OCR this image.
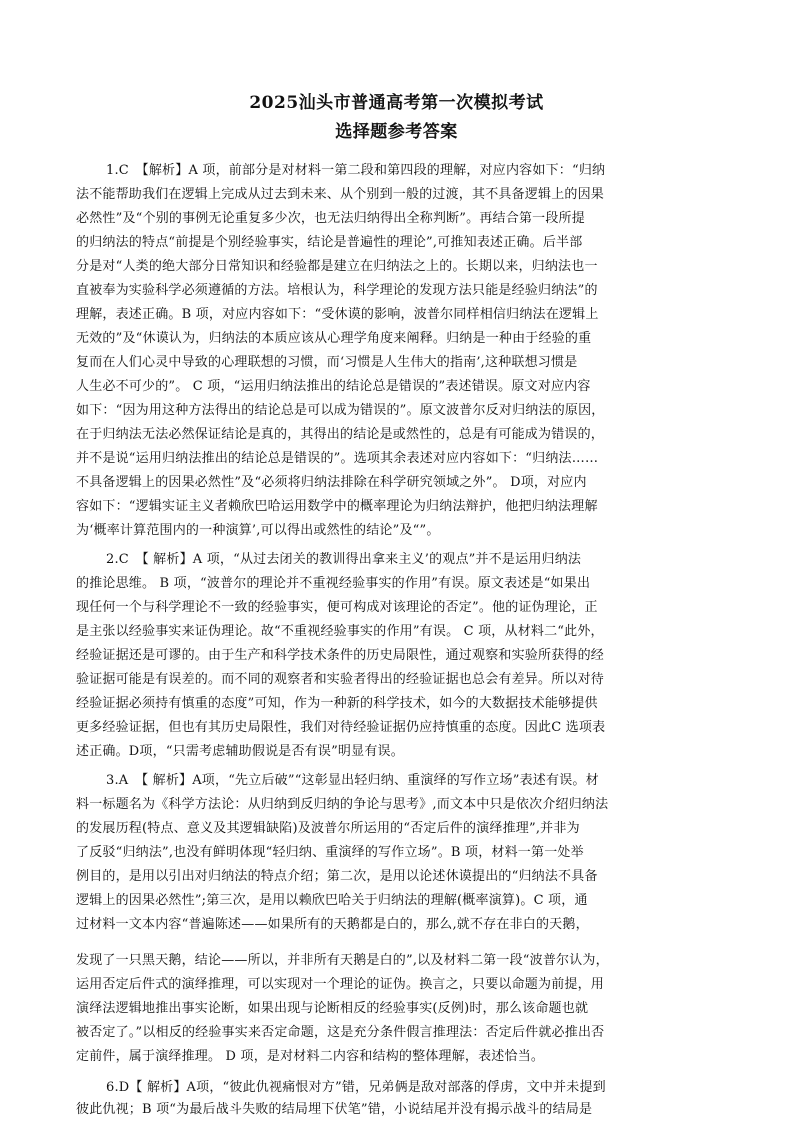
2025汕头市普通高考第一次模拟考试
选择题参考答案
1.C　【解析】A 项，前部分是对材料一第二段和第四段的理解，对应内容如下：“归纳
法不能帮助我们在逻辑上完成从过去到未来、从个别到一般的过渡，其不具备逻辑上的因果
必然性”及“个别的事例无论重复多少次，也无法归纳得出全称判断”。再结合第一段所提
的归纳法的特点“前提是个别经验事实，结论是普遍性的理论”,可推知表述正确。后半部
分是对“人类的绝大部分日常知识和经验都是建立在归纳法之上的。长期以来，归纳法也一
直被奉为实验科学必须遵循的方法。培根认为，科学理论的发现方法只能是经验归纳法”的
理解，表述正确。B 项，对应内容如下：“受休谟的影响，波普尔同样相信归纳法在逻辑上
无效的”及“休谟认为，归纳法的本质应该从心理学角度来阐释。归纳是一种由于经验的重
复而在人们心灵中导致的心理联想的习惯，而‘习惯是人生伟大的指南’,这种联想习惯是
人生必不可少的”。 C 项，“运用归纳法推出的结论总是错误的”表述错误。原文对应内容
如下：“因为用这种方法得出的结论总是可以成为错误的”。原文波普尔反对归纳法的原因，
在于归纳法无法必然保证结论是真的，其得出的结论是或然性的，总是有可能成为错误的，
并不是说“运用归纳法推出的结论总是错误的”。选项其余表述对应内容如下：“归纳法……
不具备逻辑上的因果必然性”及“必须将归纳法排除在科学研究领域之外”。 D项，对应内
容如下：“逻辑实证主义者赖欣巴哈运用数学中的概率理论为归纳法辩护，他把归纳法理解
为‘概率计算范围内的一种演算’,可以得出或然性的结论”及“”。
2.C　【 解析】A 项，“从过去闭关的教训得出拿来主义’的观点”并不是运用归纳法
的推论思维。 B 项，“波普尔的理论并不重视经验事实的作用”有误。原文表述是“如果出
现任何一个与科学理论不一致的经验事实，便可构成对该理论的否定”。他的证伪理论，正
是主张以经验事实来证伪理论。故“不重视经验事实的作用”有误。 C 项，从材料二“此外，
经验证据还是可谬的。由于生产和科学技术条件的历史局限性，通过观察和实验所获得的经
验证据可能是有误差的。而不同的观察者和实验者得出的经验证据也总会有差异。所以对待
经验证据必须持有慎重的态度”可知，作为一种新的科学技术，如今的大数据技术能够提供
更多经验证据，但也有其历史局限性，我们对待经验证据仍应持慎重的态度。因此C 选项表
述正确。D项，“只需考虑辅助假说是否有误”明显有误。
3.A　【 解析】A项，“先立后破”“这彰显出轻归纳、重演绎的写作立场”表述有误。材
料一标题名为《科学方法论：从归纳到反归纳的争论与思考》,而文本中只是依次介绍归纳法
的发展历程(特点、意义及其逻辑缺陷)及波普尔所运用的“否定后件的演绎推理”,并非为
了反驳“归纳法”,也没有鲜明体现“轻归纳、重演绎的写作立场”。B 项，材料一第一处举
例目的，是用以引出对归纳法的特点介绍；第二次，是用以论述休谟提出的“归纳法不具备
逻辑上的因果必然性”;第三次，是用以赖欣巴哈关于归纳法的理解(概率演算)。C 项，通
过材料一文本内容“普遍陈述——如果所有的天鹅都是白的，那么,就不存在非白的天鹅，
发现了一只黑天鹅，结论——所以，并非所有天鹅是白的”,以及材料二第一段“波普尔认为，
运用否定后件式的演绎推理，可以实现对一个理论的证伪。换言之，只要以命题为前提，用
演绎法逻辑地推出事实论断，如果出现与论断相反的经验事实(反例)时，那么该命题也就
被否定了。”以相反的经验事实来否定命题，这是充分条件假言推理法：否定后件就必推出否
定前件，属于演绎推理。 D 项，是对材料二内容和结构的整体理解，表述恰当。
6.D【 解析】A项，“彼此仇视痛恨对方”错，兄弟俩是敌对部落的俘虏，文中并未提到
彼此仇视；B 项“为最后战斗失败的结局埋下伏笔”错，小说结尾并没有揭示战斗的结局是
